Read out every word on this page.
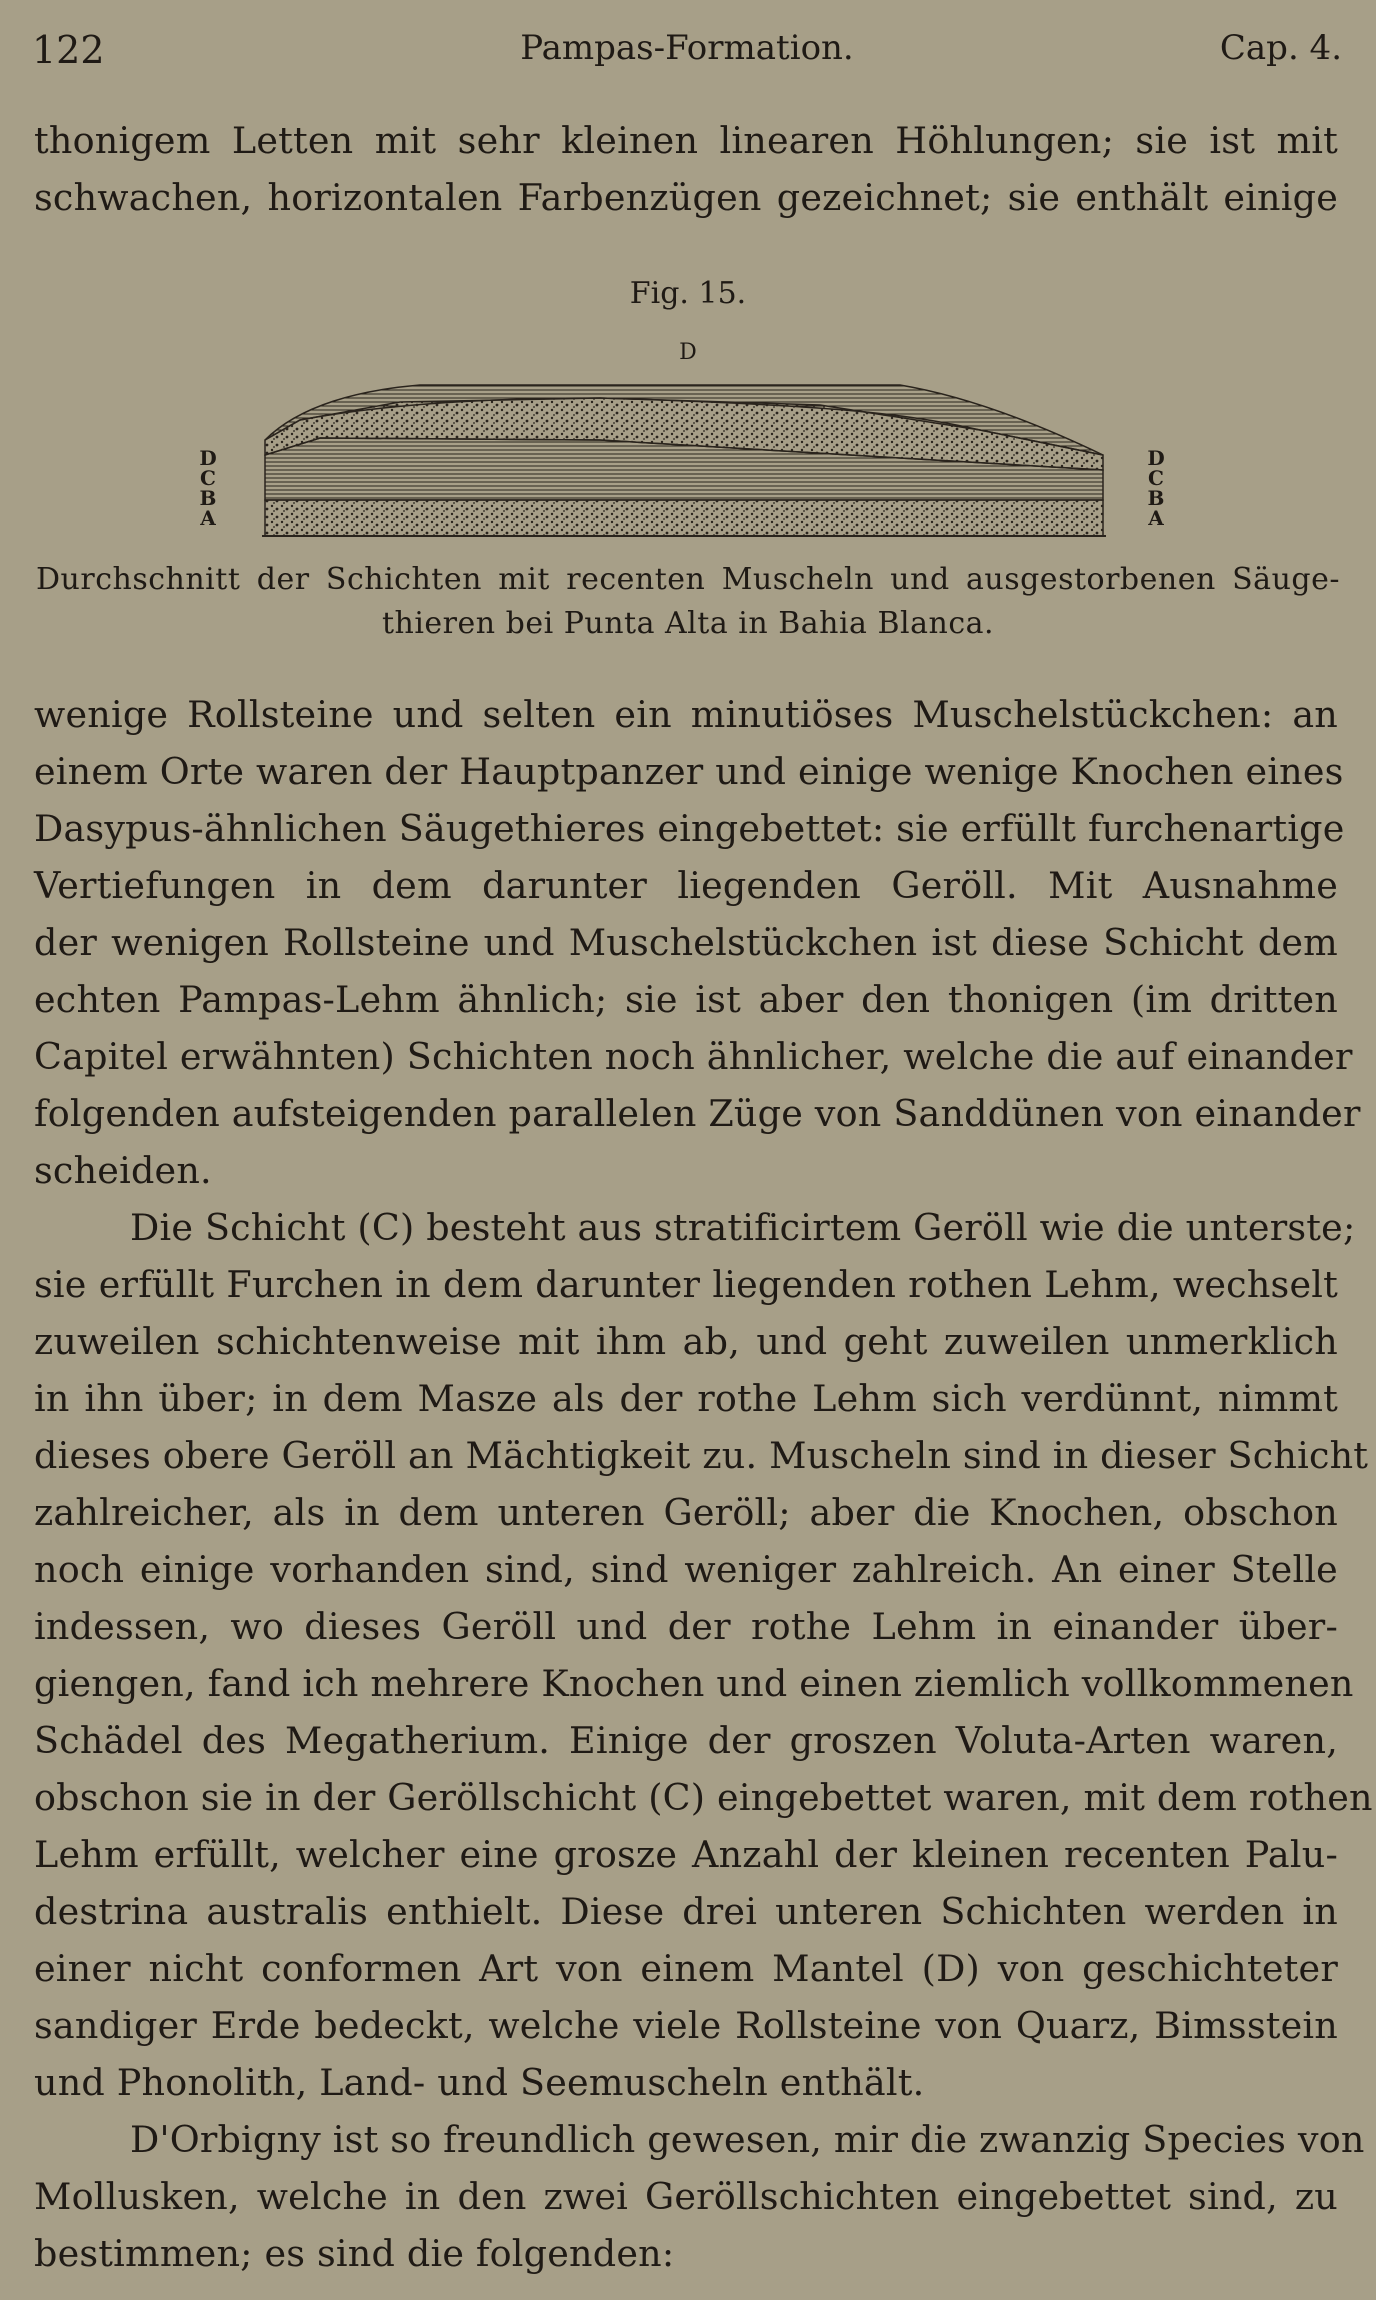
122	Pampas-Formation.	Cap. 4.
thonigem Letten mit sehr kleinen linearen Höhlungen; sie ist mit
schwachen, horizontalen Farbenzügen gezeichnet; sie enthält einige
Fig. 15.
D
D
C
B
A
D
C
B
A
Durchschnitt der Schichten mit recenten Muscheln und ausgestorbenen Säuge-
thieren bei Punta Alta in Bahia Blanca.
wenige Rollsteine und selten ein minutiöses Muschelstückchen: an
einem Orte waren der Hauptpanzer und einige wenige Knochen eines
Dasypus-ähnlichen Säugethieres eingebettet: sie erfüllt furchenartige
Vertiefungen in dem darunter liegenden Geröll. Mit Ausnahme
der wenigen Rollsteine und Muschelstückchen ist diese Schicht dem
echten Pampas-Lehm ähnlich; sie ist aber den thonigen (im dritten
Capitel erwähnten) Schichten noch ähnlicher, welche die auf einander
folgenden aufsteigenden parallelen Züge von Sanddünen von einander
scheiden.
Die Schicht (C) besteht aus stratificirtem Geröll wie die unterste;
sie erfüllt Furchen in dem darunter liegenden rothen Lehm, wechselt
zuweilen schichtenweise mit ihm ab, und geht zuweilen unmerklich
in ihn über; in dem Masze als der rothe Lehm sich verdünnt, nimmt
dieses obere Geröll an Mächtigkeit zu. Muscheln sind in dieser Schicht
zahlreicher, als in dem unteren Geröll; aber die Knochen, obschon
noch einige vorhanden sind, sind weniger zahlreich. An einer Stelle
indessen, wo dieses Geröll und der rothe Lehm in einander über-
giengen, fand ich mehrere Knochen und einen ziemlich vollkommenen
Schädel des Megatherium. Einige der groszen Voluta-Arten waren,
obschon sie in der Geröllschicht (C) eingebettet waren, mit dem rothen
Lehm erfüllt, welcher eine grosze Anzahl der kleinen recenten Palu-
destrina australis enthielt. Diese drei unteren Schichten werden in
einer nicht conformen Art von einem Mantel (D) von geschichteter
sandiger Erde bedeckt, welche viele Rollsteine von Quarz, Bimsstein
und Phonolith, Land- und Seemuscheln enthält.
D'Orbigny ist so freundlich gewesen, mir die zwanzig Species von
Mollusken, welche in den zwei Geröllschichten eingebettet sind, zu
bestimmen; es sind die folgenden:
